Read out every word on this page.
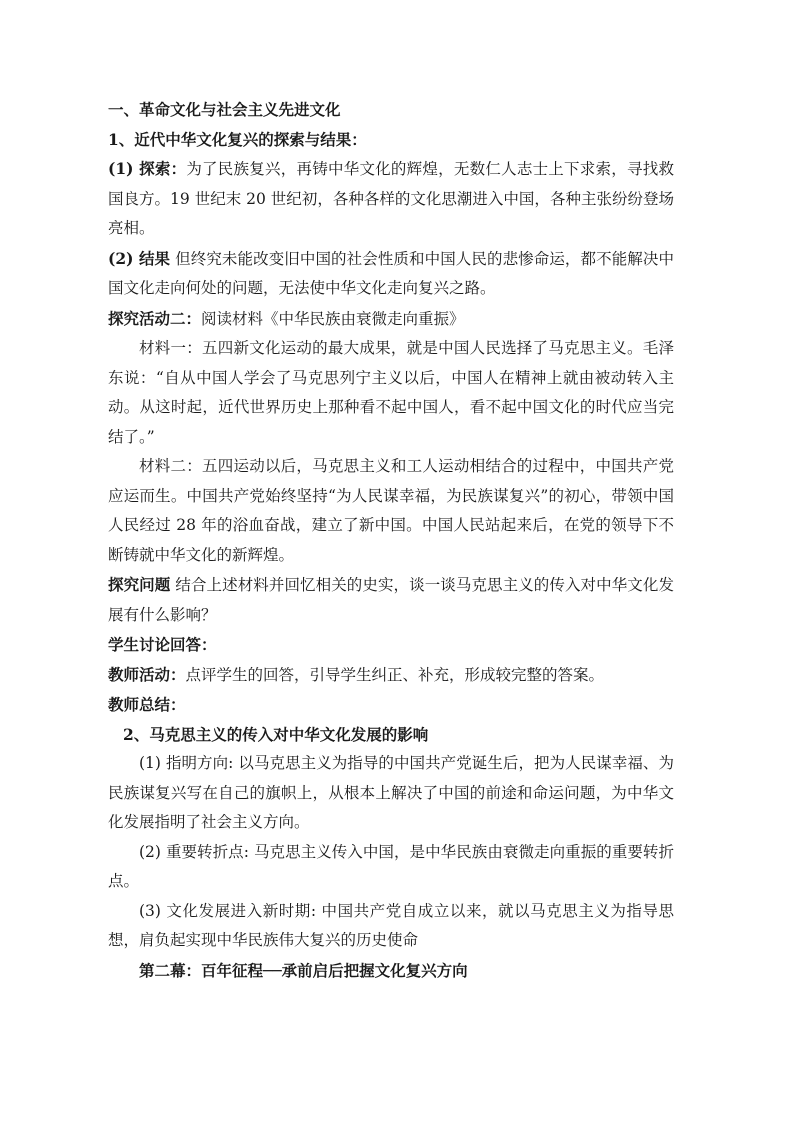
一、革命文化与社会主义先进文化

1、近代中华文化复兴的探索与结果：

(1) 探索：为了民族复兴，再铸中华文化的辉煌，无数仁人志士上下求索，寻找救国良方。19 世纪末 20 世纪初，各种各样的文化思潮进入中国，各种主张纷纷登场亮相。

(2) 结果 但终究未能改变旧中国的社会性质和中国人民的悲惨命运，都不能解决中国文化走向何处的问题，无法使中华文化走向复兴之路。

探究活动二：阅读材料《中华民族由衰微走向重振》

材料一：五四新文化运动的最大成果，就是中国人民选择了马克思主义。毛泽东说：“自从中国人学会了马克思列宁主义以后，中国人在精神上就由被动转入主动。从这时起，近代世界历史上那种看不起中国人，看不起中国文化的时代应当完结了。”

材料二：五四运动以后，马克思主义和工人运动相结合的过程中，中国共产党应运而生。中国共产党始终坚持“为人民谋幸福，为民族谋复兴”的初心，带领中国人民经过 28 年的浴血奋战，建立了新中国。中国人民站起来后，在党的领导下不断铸就中华文化的新辉煌。

探究问题 结合上述材料并回忆相关的史实，谈一谈马克思主义的传入对中华文化发展有什么影响？

学生讨论回答：

教师活动：点评学生的回答，引导学生纠正、补充，形成较完整的答案。

教师总结：

2、马克思主义的传入对中华文化发展的影响

(1) 指明方向: 以马克思主义为指导的中国共产党诞生后，把为人民谋幸福、为民族谋复兴写在自己的旗帜上，从根本上解决了中国的前途和命运问题，为中华文化发展指明了社会主义方向。

(2) 重要转折点: 马克思主义传入中国，是中华民族由衰微走向重振的重要转折点。

(3) 文化发展进入新时期: 中国共产党自成立以来，就以马克思主义为指导思想，肩负起实现中华民族伟大复兴的历史使命

第二幕：百年征程──承前启后把握文化复兴方向
